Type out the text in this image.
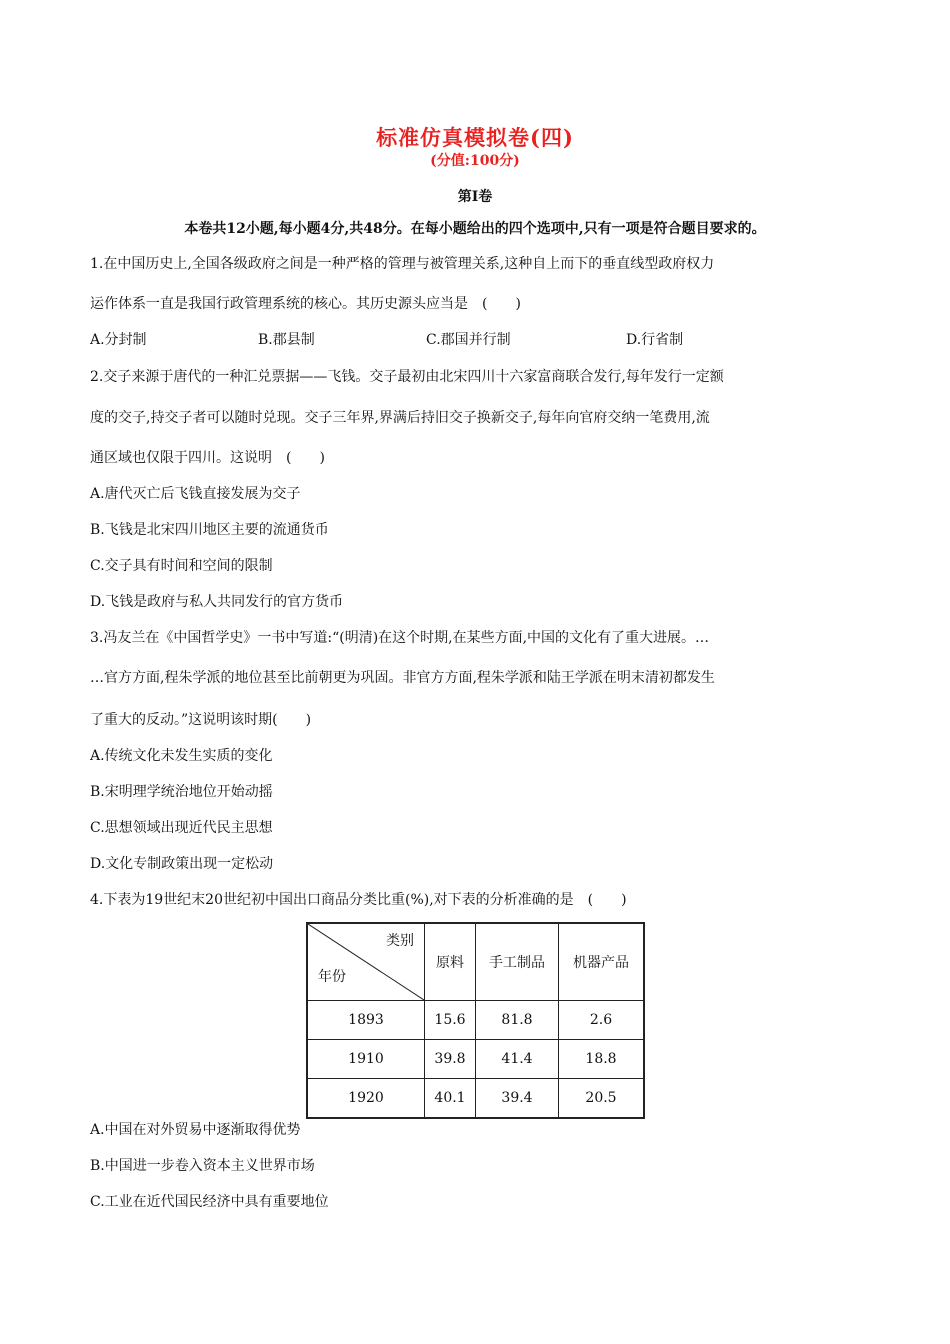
标准仿真模拟卷(四)
(分值:100分)
第Ⅰ卷
本卷共12小题,每小题4分,共48分。在每小题给出的四个选项中,只有一项是符合题目要求的。
1.在中国历史上,全国各级政府之间是一种严格的管理与被管理关系,这种自上而下的垂直线型政府权力
运作体系一直是我国行政管理系统的核心。其历史源头应当是　(　　)
A.分封制	B.郡县制	C.郡国并行制	D.行省制
2.交子来源于唐代的一种汇兑票据——飞钱。交子最初由北宋四川十六家富商联合发行,每年发行一定额
度的交子,持交子者可以随时兑现。交子三年界,界满后持旧交子换新交子,每年向官府交纳一笔费用,流
通区域也仅限于四川。这说明　(　　)
A.唐代灭亡后飞钱直接发展为交子
B.飞钱是北宋四川地区主要的流通货币
C.交子具有时间和空间的限制
D.飞钱是政府与私人共同发行的官方货币
3.冯友兰在《中国哲学史》一书中写道:“(明清)在这个时期,在某些方面,中国的文化有了重大进展。…
…官方方面,程朱学派的地位甚至比前朝更为巩固。非官方方面,程朱学派和陆王学派在明末清初都发生
了重大的反动。”这说明该时期(　　)
A.传统文化未发生实质的变化
B.宋明理学统治地位开始动摇
C.思想领域出现近代民主思想
D.文化专制政策出现一定松动
4.下表为19世纪末20世纪初中国出口商品分类比重(%),对下表的分析准确的是　(　　)
类别
年份	原料	手工制品	机器产品
1893	15.6	81.8	2.6
1910	39.8	41.4	18.8
1920	40.1	39.4	20.5
A.中国在对外贸易中逐渐取得优势
B.中国进一步卷入资本主义世界市场
C.工业在近代国民经济中具有重要地位
